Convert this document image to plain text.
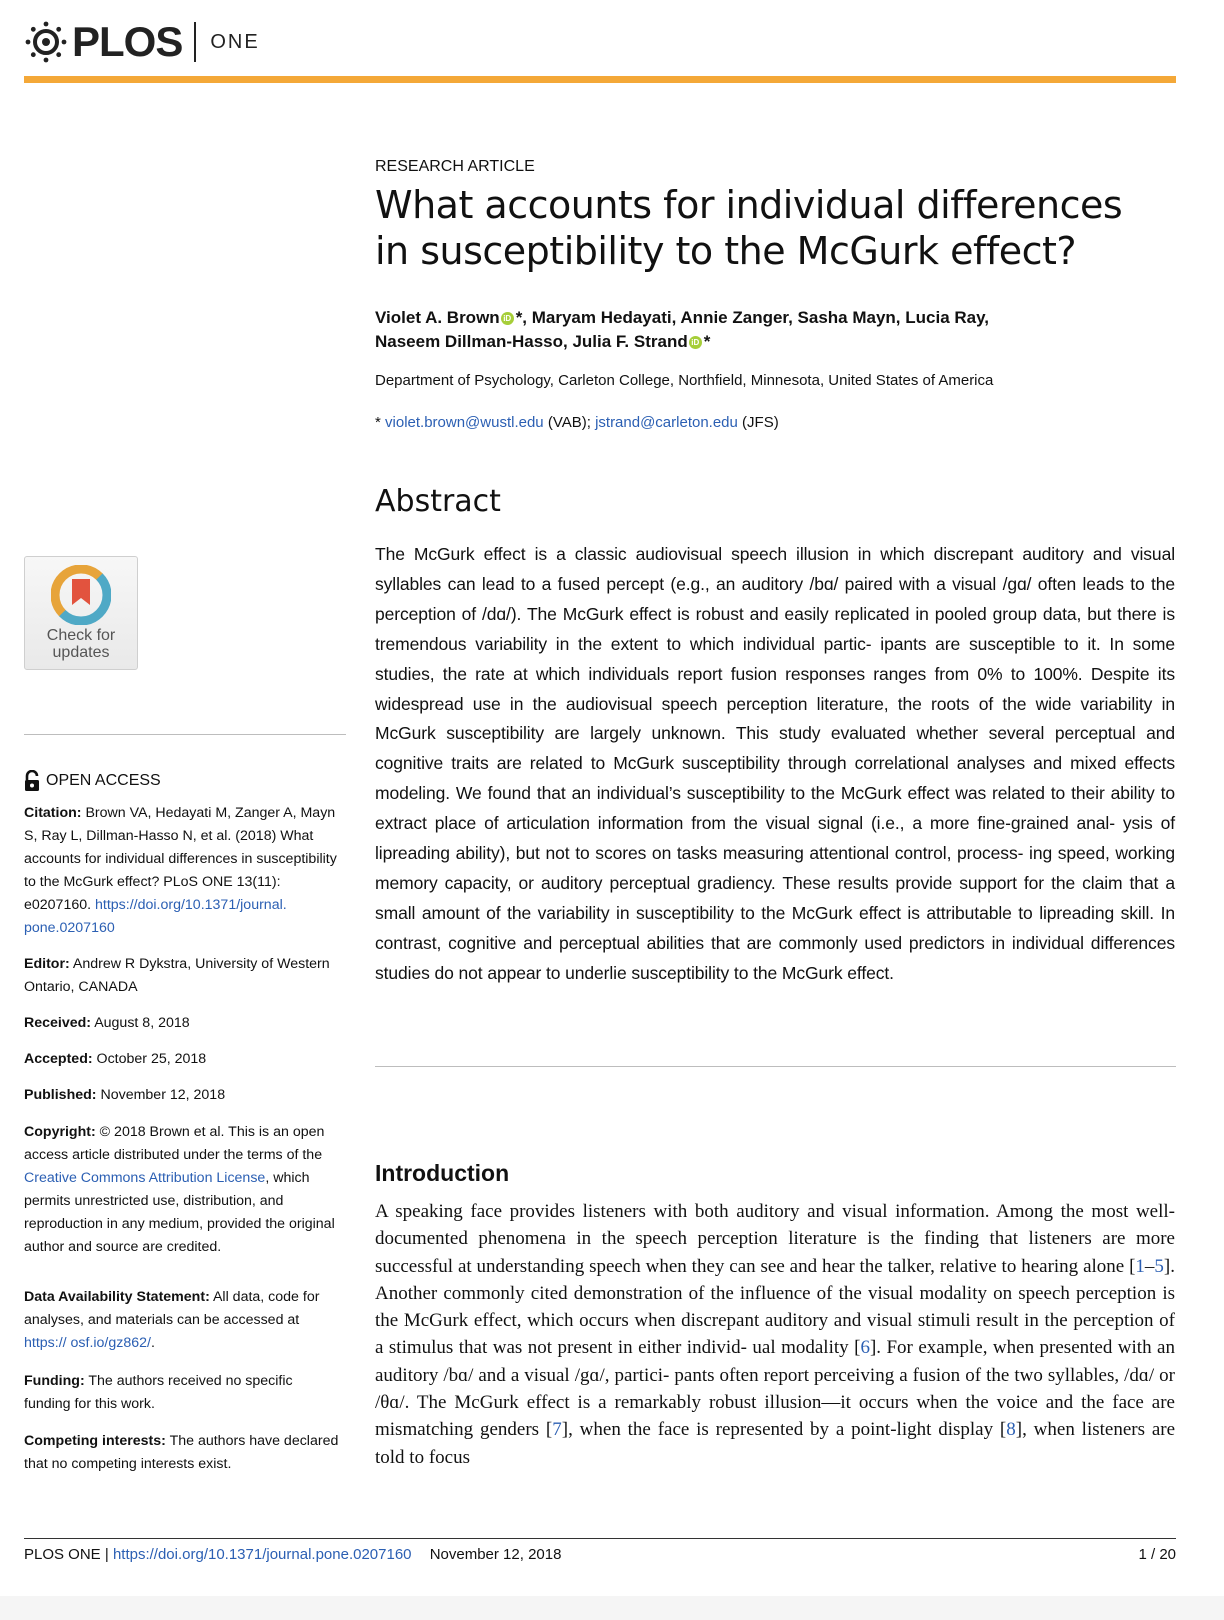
PLOS ONE
RESEARCH ARTICLE
What accounts for individual differences in susceptibility to the McGurk effect?
Violet A. Brown iD *, Maryam Hedayati, Annie Zanger, Sasha Mayn, Lucia Ray,
Naseem Dillman-Hasso, Julia F. Strand iD *
Department of Psychology, Carleton College, Northfield, Minnesota, United States of America
* violet.brown@wustl.edu (VAB); jstrand@carleton.edu (JFS)
Abstract

The McGurk effect is a classic audiovisual speech illusion in which discrepant auditory and visual syllables can lead to a fused percept (e.g., an auditory /bɑ/ paired with a visual /gɑ/ often leads to the perception of /dɑ/). The McGurk effect is robust and easily replicated in pooled group data, but there is tremendous variability in the extent to which individual partic- ipants are susceptible to it. In some studies, the rate at which individuals report fusion responses ranges from 0% to 100%. Despite its widespread use in the audiovisual speech perception literature, the roots of the wide variability in McGurk susceptibility are largely unknown. This study evaluated whether several perceptual and cognitive traits are related to McGurk susceptibility through correlational analyses and mixed effects modeling. We found that an individual’s susceptibility to the McGurk effect was related to their ability to extract place of articulation information from the visual signal (i.e., a more fine-grained anal- ysis of lipreading ability), but not to scores on tasks measuring attentional control, process- ing speed, working memory capacity, or auditory perceptual gradiency. These results provide support for the claim that a small amount of the variability in susceptibility to the McGurk effect is attributable to lipreading skill. In contrast, cognitive and perceptual abilities that are commonly used predictors in individual differences studies do not appear to underlie susceptibility to the McGurk effect.

Introduction

A speaking face provides listeners with both auditory and visual information. Among the most well-documented phenomena in the speech perception literature is the finding that listeners are more successful at understanding speech when they can see and hear the talker, relative to hearing alone [1–5]. Another commonly cited demonstration of the influence of the visual modality on speech perception is the McGurk effect, which occurs when discrepant auditory and visual stimuli result in the perception of a stimulus that was not present in either individ- ual modality [6]. For example, when presented with an auditory /bɑ/ and a visual /gɑ/, partici- pants often report perceiving a fusion of the two syllables, /dɑ/ or /θɑ/. The McGurk effect is a remarkably robust illusion—it occurs when the voice and the face are mismatching genders [7], when the face is represented by a point-light display [8], when listeners are told to focus

Check for updates
OPEN ACCESS
Citation: Brown VA, Hedayati M, Zanger A, Mayn S, Ray L, Dillman-Hasso N, et al. (2018) What accounts for individual differences in susceptibility to the McGurk effect? PLoS ONE 13(11): e0207160. https://doi.org/10.1371/journal. pone.0207160
Editor: Andrew R Dykstra, University of Western Ontario, CANADA
Received: August 8, 2018
Accepted: October 25, 2018
Published: November 12, 2018
Copyright: © 2018 Brown et al. This is an open access article distributed under the terms of the Creative Commons Attribution License, which permits unrestricted use, distribution, and reproduction in any medium, provided the original author and source are credited.
Data Availability Statement: All data, code for analyses, and materials can be accessed at https:// osf.io/gz862/.
Funding: The authors received no specific funding for this work.
Competing interests: The authors have declared that no competing interests exist.
PLOS ONE | https://doi.org/10.1371/journal.pone.0207160 November 12, 2018	1 / 20
